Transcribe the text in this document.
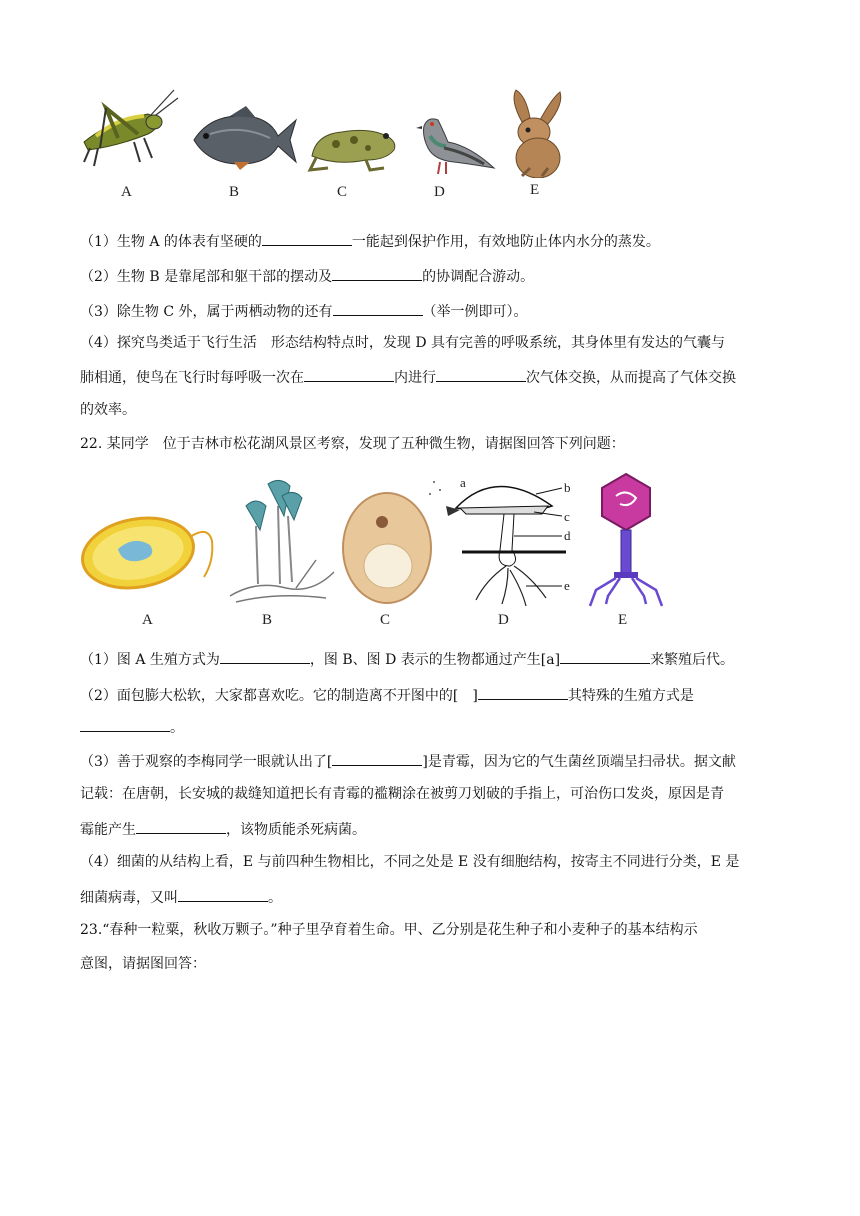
A	B	C	D	E
（1）生物 A 的体表有坚硬的	一能起到保护作用，有效地防止体内水分的蒸发。
（2）生物 B 是靠尾部和躯干部的摆动及	的协调配合游动。
（3）除生物 C 外，属于两栖动物的还有	（举一例即可）。
（4）探究鸟类适于飞行生活　形态结构特点时，发现 D 具有完善的呼吸系统，其身体里有发达的气囊与
肺相通，使鸟在飞行时每呼吸一次在	内进行	次气体交换，从而提高了气体交换
的效率。
22. 某同学　位于吉林市松花湖风景区考察，发现了五种微生物，请据图回答下列问题：
a	b
c
d
e
A	B	C	D	E
（1）图 A 生殖方式为	，图 B、图 D 表示的生物都通过产生[a]	来繁殖后代。
（2）面包膨大松软，大家都喜欢吃。它的制造离不开图中的[　]	其特殊的生殖方式是
。
（3）善于观察的李梅同学一眼就认出了[	]是青霉，因为它的气生菌丝顶端呈扫帚状。据文献
记载：在唐朝，长安城的裁缝知道把长有青霉的褴糊涂在被剪刀划破的手指上，可治伤口发炎，原因是青
霉能产生	，该物质能杀死病菌。
（4）细菌的从结构上看，E 与前四种生物相比，不同之处是 E 没有细胞结构，按寄主不同进行分类，E 是
细菌病毒，又叫	。
23.“春种一粒粟，秋收万颗子。”种子里孕育着生命。甲、乙分别是花生种子和小麦种子的基本结构示
意图，请据图回答：
